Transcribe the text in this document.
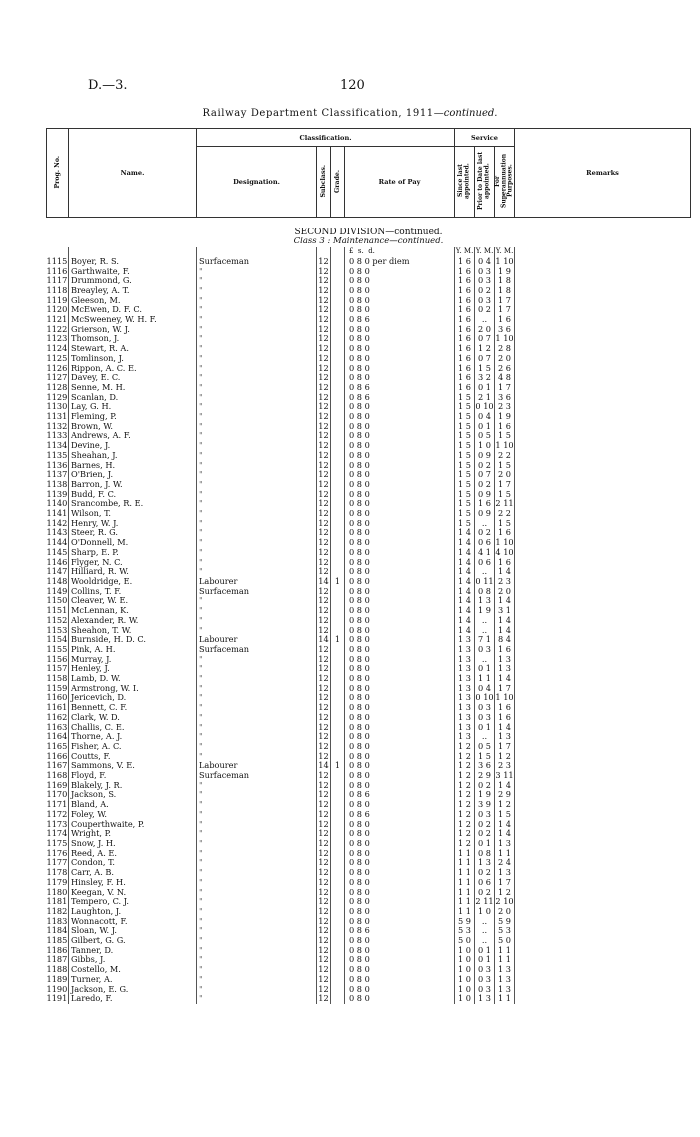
D.—3.	120
Railway Department Classification, 1911—continued.
Prog. No.	Name.	Classification.				Service			Remarks
		Designation.	Subclass.	Grade.	Rate of Pay	Since last appointed.	Prior to Date last appointed.	For Superannuation Purposes.	

SECOND DIVISION—continued.									
Class 3 : Maintenance—continued.									
					£ s. d.	Y. M.	Y. M.	Y. M.	
1115	Boyer, R. S.	Surfaceman	12		0 8 0 per diem	1 6	0 4	1 10	
1116	Garthwaite, F.	"	12		0 8 0	1 6	0 3	1 9	
1117	Drummond, G.	"	12		0 8 0	1 6	0 3	1 8	
1118	Breayley, A. T.	"	12		0 8 0	1 6	0 2	1 8	
1119	Gleeson, M.	"	12		0 8 0	1 6	0 3	1 7	
1120	McEwen, D. F. C.	"	12		0 8 0	1 6	0 2	1 7	
1121	McSweeney, W. H. F.	"	12		0 8 6	1 6	..	1 6	
1122	Grierson, W. J.	"	12		0 8 0	1 6	2 0	3 6	
1123	Thomson, J.	"	12		0 8 0	1 6	0 7	1 10	
1124	Stewart, R. A.	"	12		0 8 0	1 6	1 2	2 8	
1125	Tomlinson, J.	"	12		0 8 0	1 6	0 7	2 0	
1126	Rippon, A. C. E.	"	12		0 8 0	1 6	1 5	2 6	
1127	Davey, E. C.	"	12		0 8 0	1 6	3 2	4 8	
1128	Senne, M. H.	"	12		0 8 6	1 6	0 1	1 7	
1129	Scanlan, D.	"	12		0 8 6	1 5	2 1	3 6	
1130	Lay, G. H.	"	12		0 8 0	1 5	0 10	2 3	
1131	Fleming, P.	"	12		0 8 0	1 5	0 4	1 9	
1132	Brown, W.	"	12		0 8 0	1 5	0 1	1 6	
1133	Andrews, A. F.	"	12		0 8 0	1 5	0 5	1 5	
1134	Devine, J.	"	12		0 8 0	1 5	1 0	1 10	
1135	Sheahan, J.	"	12		0 8 0	1 5	0 9	2 2	
1136	Barnes, H.	"	12		0 8 0	1 5	0 2	1 5	
1137	O'Brien, J.	"	12		0 8 0	1 5	0 7	2 0	
1138	Barron, J. W.	"	12		0 8 0	1 5	0 2	1 7	
1139	Budd, F. C.	"	12		0 8 0	1 5	0 9	1 5	
1140	Srancombe, R. E.	"	12		0 8 0	1 5	1 6	2 11	
1141	Wilson, T.	"	12		0 8 0	1 5	0 9	2 2	
1142	Henry, W. J.	"	12		0 8 0	1 5	..	1 5	
1143	Steer, R. G.	"	12		0 8 0	1 4	0 2	1 6	
1144	O'Donnell, M.	"	12		0 8 0	1 4	0 6	1 10	
1145	Sharp, E. P.	"	12		0 8 0	1 4	4 1	4 10	
1146	Flyger, N. C.	"	12		0 8 0	1 4	0 6	1 6	
1147	Hilliard, R. W.	"	12		0 8 0	1 4	..	1 4	
1148	Wooldridge, E.	Labourer	14	1	0 8 0	1 4	0 11	2 3	
1149	Collins, T. F.	Surfaceman	12		0 8 0	1 4	0 8	2 0	
1150	Cleaver, W. E.	"	12		0 8 0	1 4	1 3	1 4	
1151	McLennan, K.	"	12		0 8 0	1 4	1 9	3 1	
1152	Alexander, R. W.	"	12		0 8 0	1 4	..	1 4	
1153	Sheahon, T. W.	"	12		0 8 0	1 4	..	1 4	
1154	Burnside, H. D. C.	Labourer	14	1	0 8 0	1 3	7 1	8 4	
1155	Pink, A. H.	Surfaceman	12		0 8 0	1 3	0 3	1 6	
1156	Murray, J.	"	12		0 8 0	1 3	..	1 3	
1157	Henley, J.	"	12		0 8 0	1 3	0 1	1 3	
1158	Lamb, D. W.	"	12		0 8 0	1 3	1 1	1 4	
1159	Armstrong, W. I.	"	12		0 8 0	1 3	0 4	1 7	
1160	Jericevich, D.	"	12		0 8 0	1 3	0 10	1 10	
1161	Bennett, C. F.	"	12		0 8 0	1 3	0 3	1 6	
1162	Clark, W. D.	"	12		0 8 0	1 3	0 3	1 6	
1163	Challis, C. E.	"	12		0 8 0	1 3	0 1	1 4	
1164	Thorne, A. J.	"	12		0 8 0	1 3	..	1 3	
1165	Fisher, A. C.	"	12		0 8 0	1 2	0 5	1 7	
1166	Coutts, F.	"	12		0 8 0	1 2	1 5	1 2	
1167	Sammons, V. E.	Labourer	14	1	0 8 0	1 2	3 6	2 3	
1168	Floyd, F.	Surfaceman	12		0 8 0	1 2	2 9	3 11	
1169	Blakely, J. R.	"	12		0 8 0	1 2	0 2	1 4	
1170	Jackson, S.	"	12		0 8 6	1 2	1 9	2 9	
1171	Bland, A.	"	12		0 8 0	1 2	3 9	1 2	
1172	Foley, W.	"	12		0 8 6	1 2	0 3	1 5	
1173	Couperthwaite, P.	"	12		0 8 0	1 2	0 2	1 4	
1174	Wright, P.	"	12		0 8 0	1 2	0 2	1 4	
1175	Snow, J. H.	"	12		0 8 0	1 2	0 1	1 3	
1176	Reed, A. E.	"	12		0 8 0	1 1	0 8	1 1	
1177	Condon, T.	"	12		0 8 0	1 1	1 3	2 4	
1178	Carr, A. B.	"	12		0 8 0	1 1	0 2	1 3	
1179	Hinsley, F. H.	"	12		0 8 0	1 1	0 6	1 7	
1180	Keegan, V. N.	"	12		0 8 0	1 1	0 2	1 2	
1181	Tempero, C. J.	"	12		0 8 0	1 1	2 11	2 10	
1182	Laughton, J.	"	12		0 8 0	1 1	1 0	2 0	
1183	Wonnacott, F.	"	12		0 8 0	5 9	..	5 9	
1184	Sloan, W. J.	"	12		0 8 6	5 3	..	5 3	
1185	Gilbert, G. G.	"	12		0 8 0	5 0	..	5 0	
1186	Tanner, D.	"	12		0 8 0	1 0	0 1	1 1	
1187	Gibbs, J.	"	12		0 8 0	1 0	0 1	1 1	
1188	Costello, M.	"	12		0 8 0	1 0	0 3	1 3	
1189	Turner, A.	"	12		0 8 0	1 0	0 3	1 3	
1190	Jackson, E. G.	"	12		0 8 0	1 0	0 3	1 3	
1191	Laredo, F.	"	12		0 8 0	1 0	1 3	1 1	
